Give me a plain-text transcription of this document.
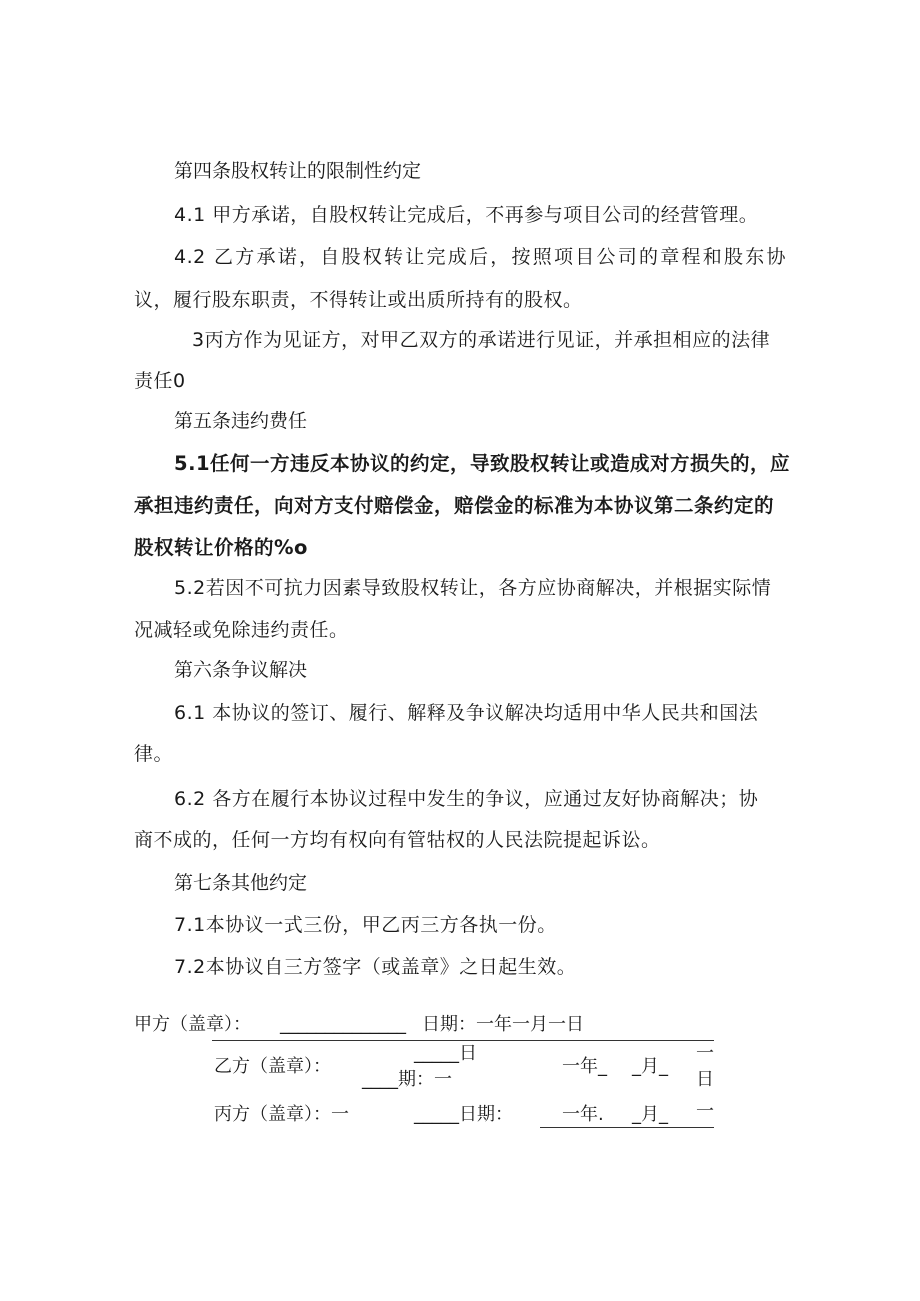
第四条股权转让的限制性约定
4.1 甲方承诺，自股权转让完成后，不再参与项目公司的经营管理。
4.2 乙方承诺，自股权转让完成后，按照项目公司的章程和股东协
议，履行股东职责，不得转让或出质所持有的股权。
3丙方作为见证方，对甲乙双方的承诺进行见证，并承担相应的法律
责任0
第五条违约费任
5.1任何一方违反本协议的约定，导致股权转让或造成对方损失的，应
承担违约责任，向对方支付赔偿金，赔偿金的标准为本协议第二条约定的
股权转让价格的%o
5.2若因不可抗力因素导致股权转让，各方应协商解决，并根据实际情
况减轻或免除违约责任。
第六条争议解决
6.1 本协议的签订、履行、解释及争议解决均适用中华人民共和国法
律。
6.2 各方在履行本协议过程中发生的争议，应通过友好协商解决；协
商不成的，任何一方均有权向有管牯权的人民法院提起诉讼。
第七条其他约定
7.1本协议一式三份，甲乙丙三方各执一份。
7.2本协议自三方签字（或盖章》之日起生效。
甲方（盖章）： ______________ 日期：一年一月一日
乙方（盖章）：
_____日
____期：一
一年_ _月_
一
日
丙方（盖章）：一	_____日期：	一年. _月_ 一
